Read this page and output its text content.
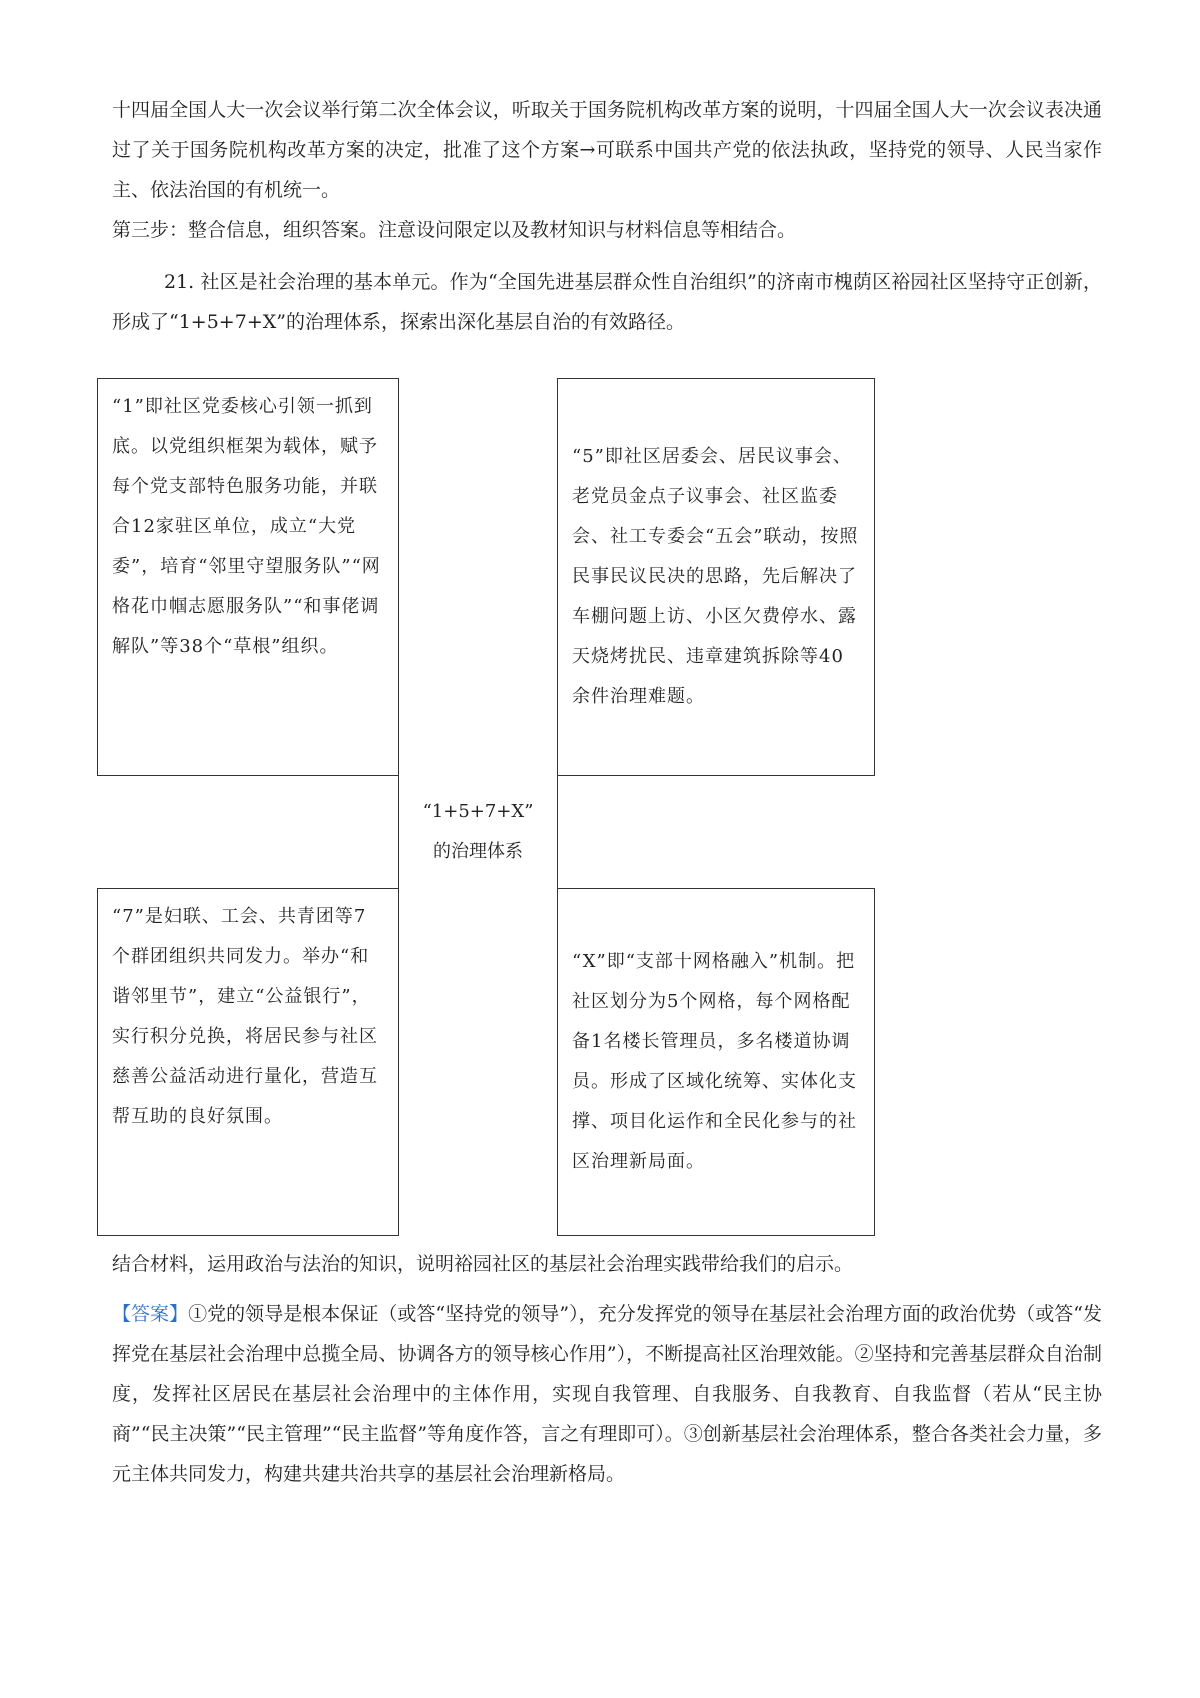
十四届全国人大一次会议举行第二次全体会议，听取关于国务院机构改革方案的说明，十四届全国人大一次会议表决通过了关于国务院机构改革方案的决定，批准了这个方案→可联系中国共产党的依法执政，坚持党的领导、人民当家作主、依法治国的有机统一。

第三步：整合信息，组织答案。注意设问限定以及教材知识与材料信息等相结合。

21. 社区是社会治理的基本单元。作为“全国先进基层群众性自治组织”的济南市槐荫区裕园社区坚持守正创新，形成了“1+5+7+X”的治理体系，探索出深化基层自治的有效路径。

“1”即社区党委核心引领一抓到底。以党组织框架为载体，赋予每个党支部特色服务功能，并联合12家驻区单位，成立“大党委”，培育“邻里守望服务队”“网格花巾帼志愿服务队”“和事佬调解队”等38个“草根”组织。

“5”即社区居委会、居民议事会、老党员金点子议事会、社区监委会、社工专委会“五会”联动，按照民事民议民决的思路，先后解决了车棚问题上访、小区欠费停水、露天烧烤扰民、违章建筑拆除等40余件治理难题。
“1+5+7+X”
的治理体系

“7”是妇联、工会、共青团等7个群团组织共同发力。举办“和谐邻里节”，建立“公益银行”，实行积分兑换，将居民参与社区慈善公益活动进行量化，营造互帮互助的良好氛围。

“X”即“支部十网格融入”机制。把社区划分为5个网格，每个网格配备1名楼长管理员，多名楼道协调员。形成了区域化统筹、实体化支撑、项目化运作和全民化参与的社区治理新局面。

结合材料，运用政治与法治的知识，说明裕园社区的基层社会治理实践带给我们的启示。

【答案】①党的领导是根本保证（或答“坚持党的领导”），充分发挥党的领导在基层社会治理方面的政治优势（或答“发挥党在基层社会治理中总揽全局、协调各方的领导核心作用”），不断提高社区治理效能。②坚持和完善基层群众自治制度，发挥社区居民在基层社会治理中的主体作用，实现自我管理、自我服务、自我教育、自我监督（若从“民主协商”“民主决策”“民主管理”“民主监督”等角度作答，言之有理即可）。③创新基层社会治理体系，整合各类社会力量，多元主体共同发力，构建共建共治共享的基层社会治理新格局。
